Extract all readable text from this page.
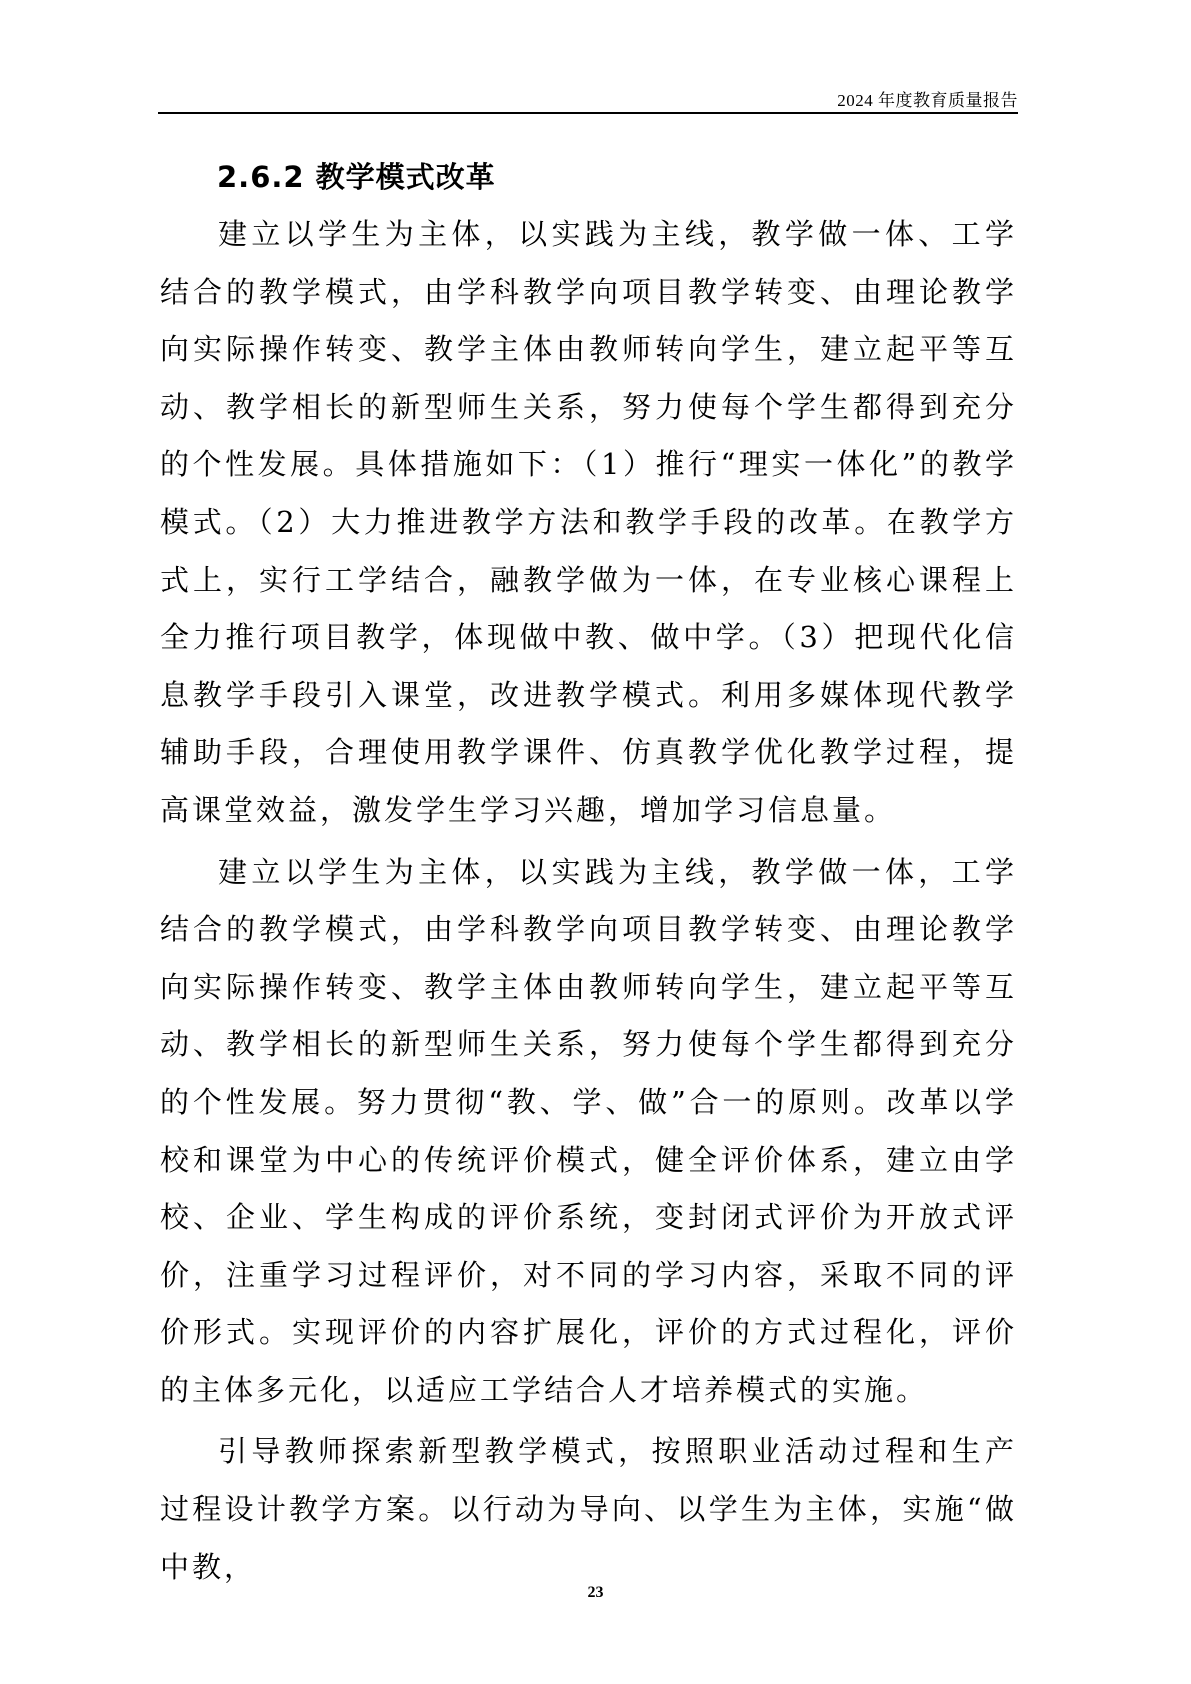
2024 年度教育质量报告
2.6.2 教学模式改革

建立以学生为主体，以实践为主线，教学做一体、工学结合的教学模式，由学科教学向项目教学转变、由理论教学向实际操作转变、教学主体由教师转向学生，建立起平等互动、教学相长的新型师生关系，努力使每个学生都得到充分的个性发展。具体措施如下：（1）推行“理实一体化”的教学模式。（2）大力推进教学方法和教学手段的改革。在教学方式上，实行工学结合，融教学做为一体，在专业核心课程上全力推行项目教学，体现做中教、做中学。（3）把现代化信息教学手段引入课堂，改进教学模式。利用多媒体现代教学辅助手段，合理使用教学课件、仿真教学优化教学过程，提高课堂效益，激发学生学习兴趣，增加学习信息量。

建立以学生为主体，以实践为主线，教学做一体，工学结合的教学模式，由学科教学向项目教学转变、由理论教学向实际操作转变、教学主体由教师转向学生，建立起平等互动、教学相长的新型师生关系，努力使每个学生都得到充分的个性发展。努力贯彻“教、学、做”合一的原则。改革以学校和课堂为中心的传统评价模式，健全评价体系，建立由学校、企业、学生构成的评价系统，变封闭式评价为开放式评价，注重学习过程评价，对不同的学习内容，采取不同的评价形式。实现评价的内容扩展化，评价的方式过程化，评价的主体多元化，以适应工学结合人才培养模式的实施。

引导教师探索新型教学模式，按照职业活动过程和生产过程设计教学方案。以行动为导向、以学生为主体，实施“做中教，

23
